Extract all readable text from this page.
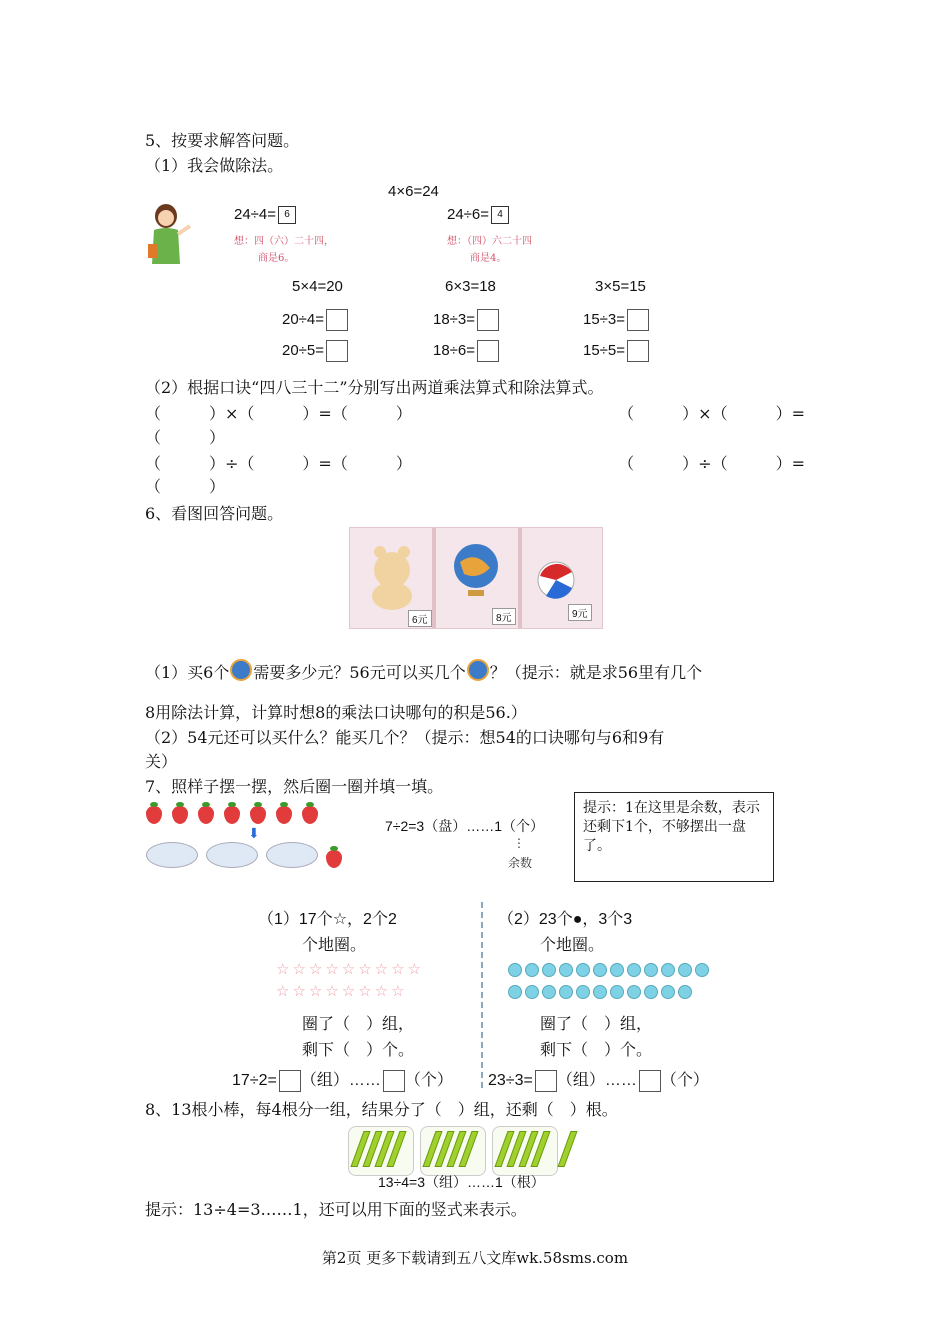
5、按要求解答问题。
（1）我会做除法。
4×6=24
24÷4= 6
想：四（六）二十四，
商是6。
24÷6= 4
想：（四）六二十四
商是4。
5×4=20	6×3=18	3×5=15
20÷4=	18÷3=	15÷3=
20÷5=	18÷6=	15÷5=
（2）根据口诀“四八三十二”分别写出两道乘法算式和除法算式。
（　　　）×（　　　）=（　　　）	（　　　）×（　　　）=
（　　　）
（　　　）÷（　　　）=（　　　）	（　　　）÷（　　　）=
（　　　）
6、看图回答问题。
6元	8元	9元
（1）买6个 需要多少元？56元可以买几个 ？（提示：就是求56里有几个
8用除法计算，计算时想8的乘法口诀哪句的积是56.）
（2）54元还可以买什么？能买几个？（提示：想54的口诀哪句与6和9有
关）
7、照样子摆一摆，然后圈一圈并填一填。
⬇	7÷2=3（盘）……1（个）
⋮
余数
提示：1在这里是余数，表示还剩下1个，不够摆出一盘了。
（1）17个☆，2个2
个地圈。
☆☆☆☆☆☆☆☆☆
☆☆☆☆☆☆☆☆
圈了（　）组，
剩下（　）个。
17÷2= （组）…… （个）
（2）23个●，3个3
个地圈。
圈了（　）组，
剩下（　）个。
23÷3= （组）…… （个）
8、13根小棒，每4根分一组，结果分了（　）组，还剩（　）根。
13÷4=3（组）……1（根）
提示：13÷4=3……1，还可以用下面的竖式来表示。
第2页 更多下载请到五八文库wk.58sms.com
